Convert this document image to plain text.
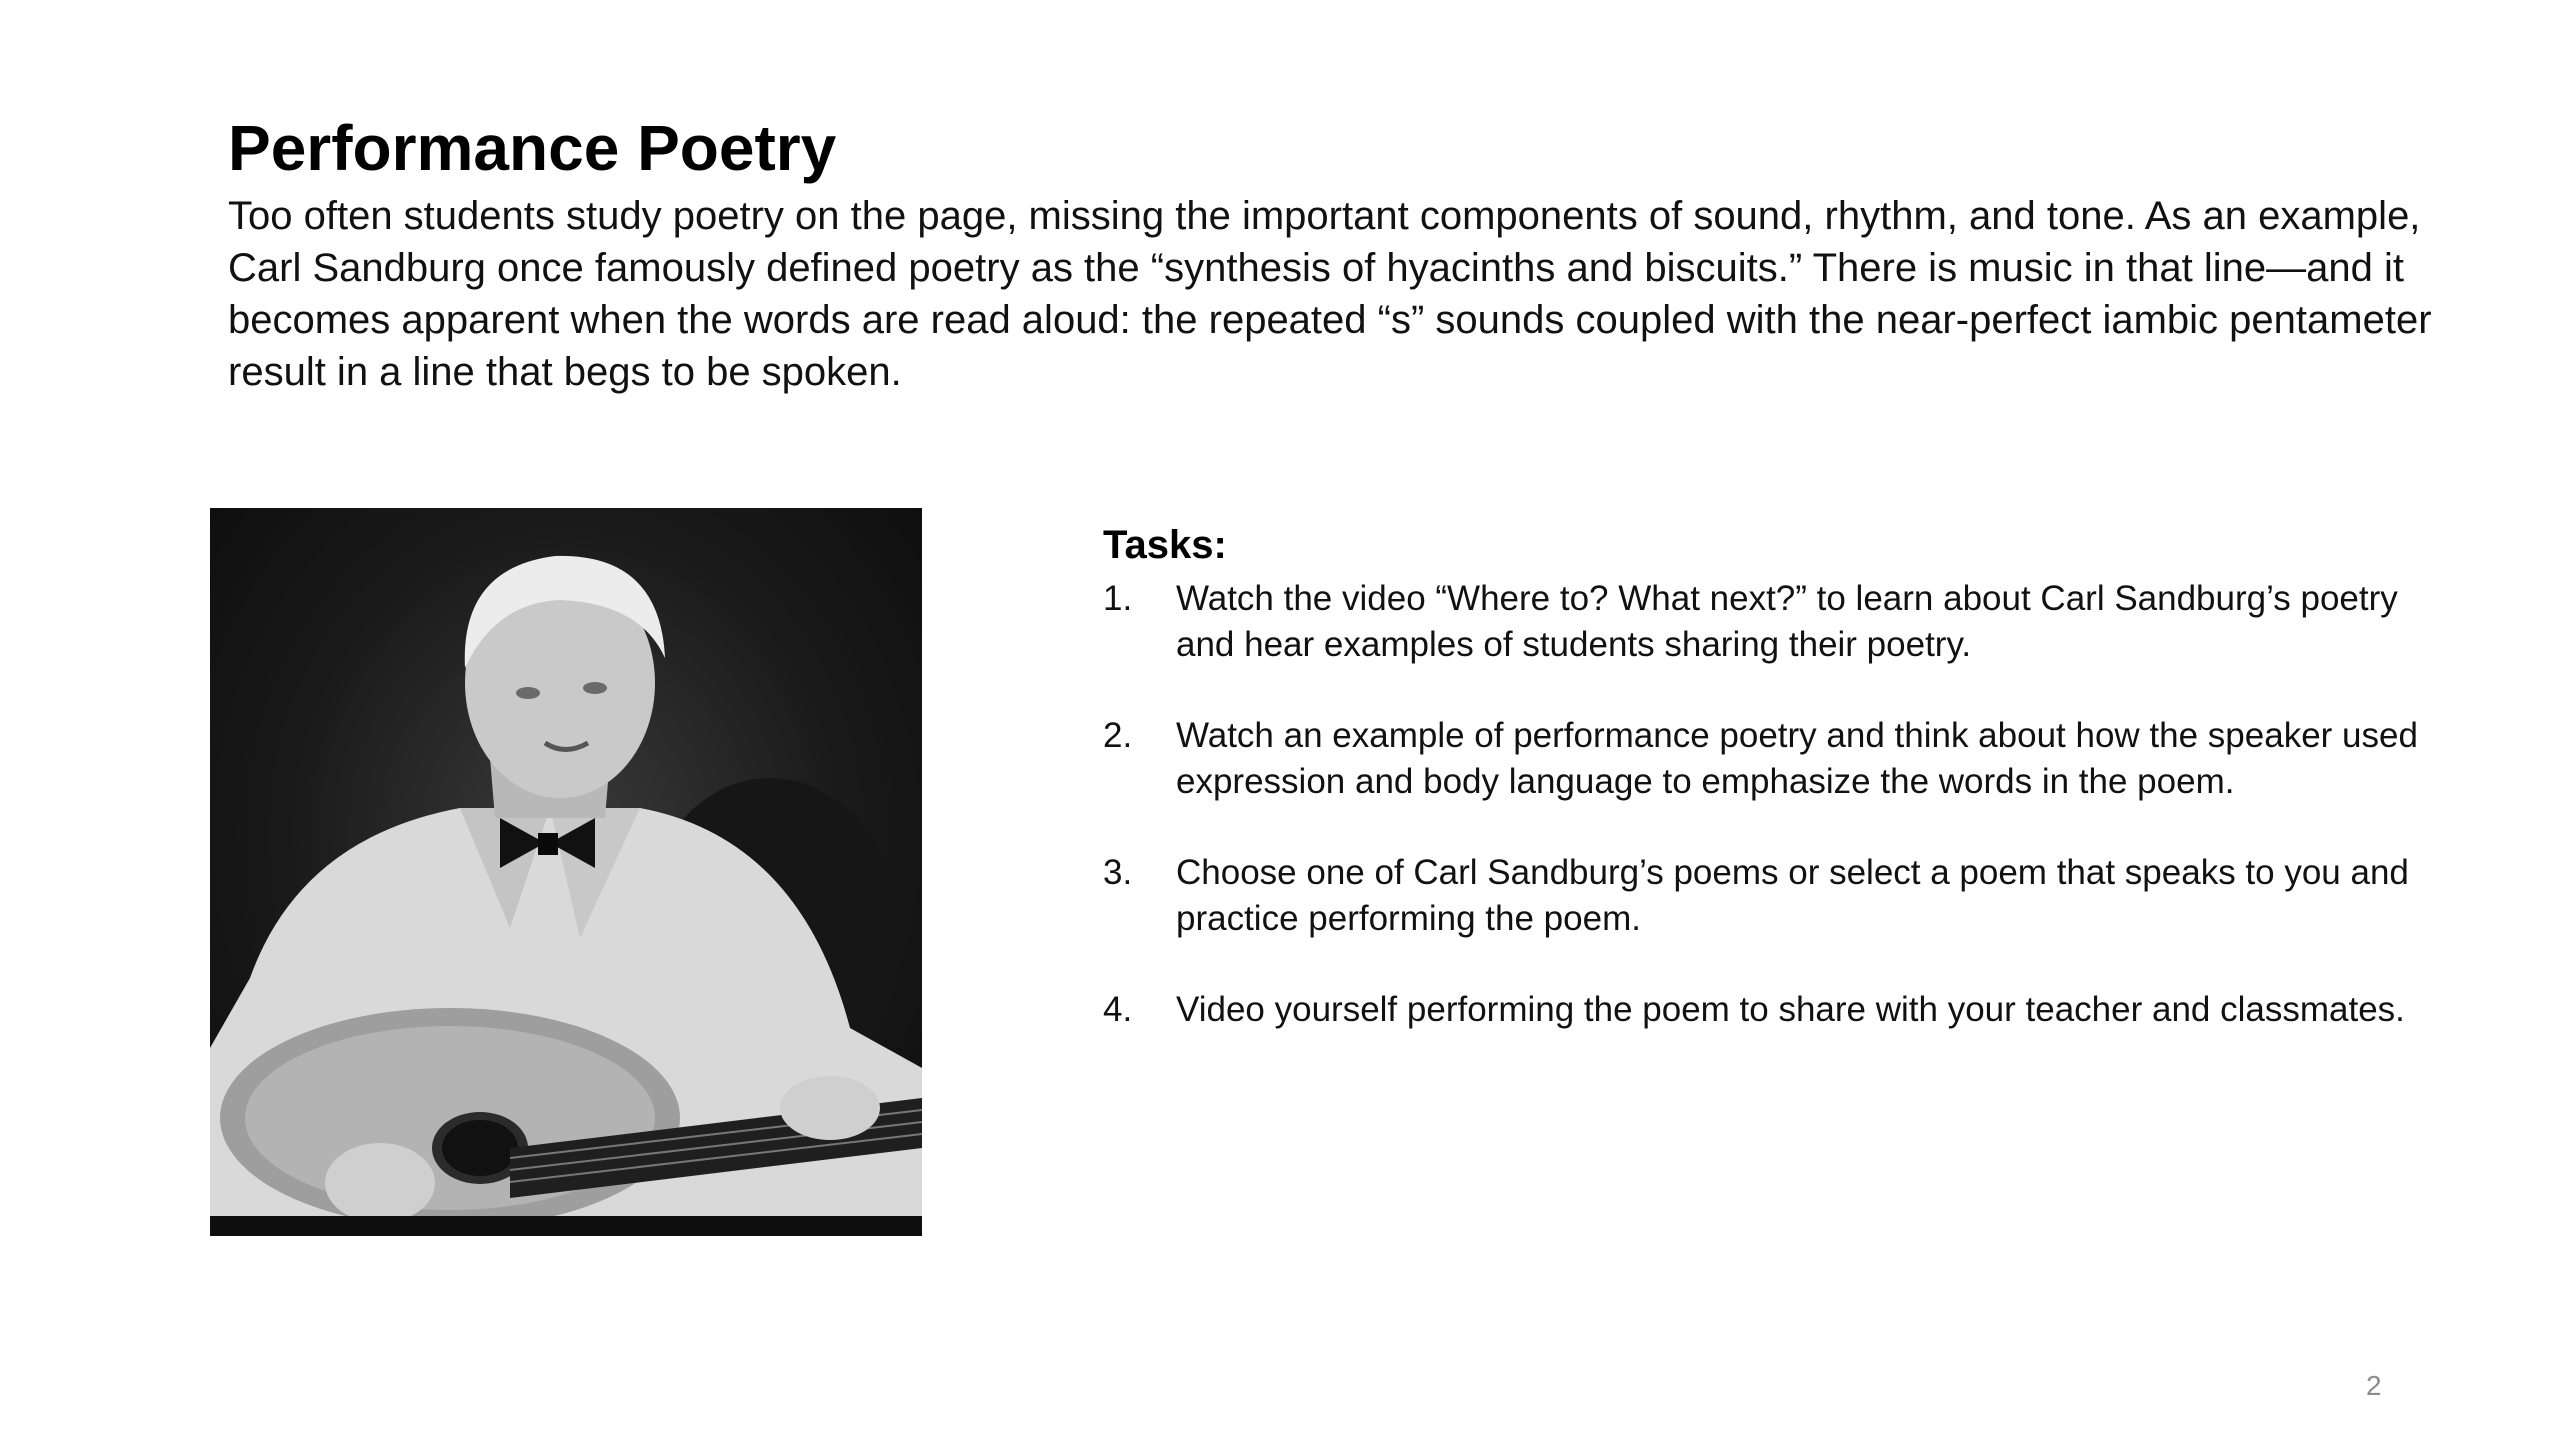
Performance Poetry

Too often students study poetry on the page, missing the important components of sound, rhythm, and tone. As an example, Carl Sandburg once famously defined poetry as the “synthesis of hyacinths and biscuits.” There is music in that line—and it becomes apparent when the words are read aloud: the repeated “s” sounds coupled with the near-perfect iambic pentameter result in a line that begs to be spoken.

Tasks:
1.	Watch the video “Where to? What next?” to learn about Carl Sandburg’s poetry and hear examples of students sharing their poetry.
2.	Watch an example of performance poetry and think about how the speaker used expression and body language to emphasize the words in the poem.
3.	Choose one of Carl Sandburg’s poems or select a poem that speaks to you and practice performing the poem.
4.	Video yourself performing the poem to share with your teacher and classmates.
2
